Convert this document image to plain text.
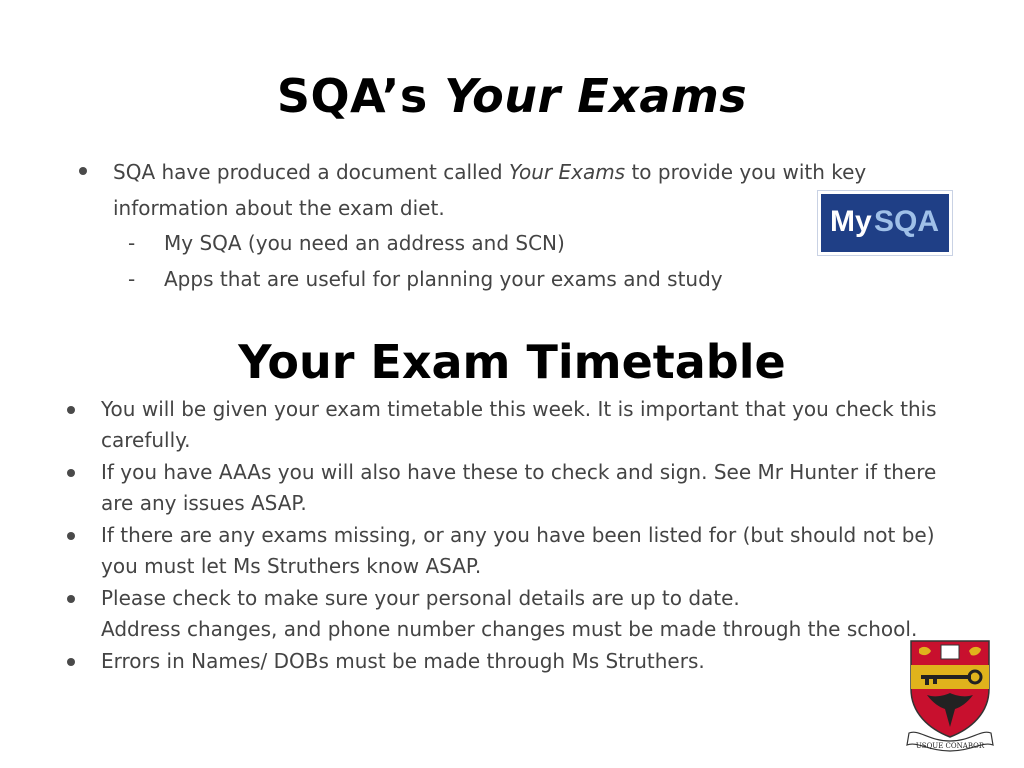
SQA’s Your Exams
SQA have produced a document called Your Exams to provide you with key
information about the exam diet.
- My SQA (you need an address and SCN)
- Apps that are useful for planning your exams and study
My SQA
Your Exam Timetable
You will be given your exam timetable this week. It is important that you check this
carefully.
If you have AAAs you will also have these to check and sign. See Mr Hunter if there
are any issues ASAP.
If there are any exams missing, or any you have been listed for (but should not be)
you must let Ms Struthers know ASAP.
Please check to make sure your personal details are up to date.
Address changes, and phone number changes must be made through the school.
Errors in Names/ DOBs must be made through Ms Struthers.
USQUE CONABOR
